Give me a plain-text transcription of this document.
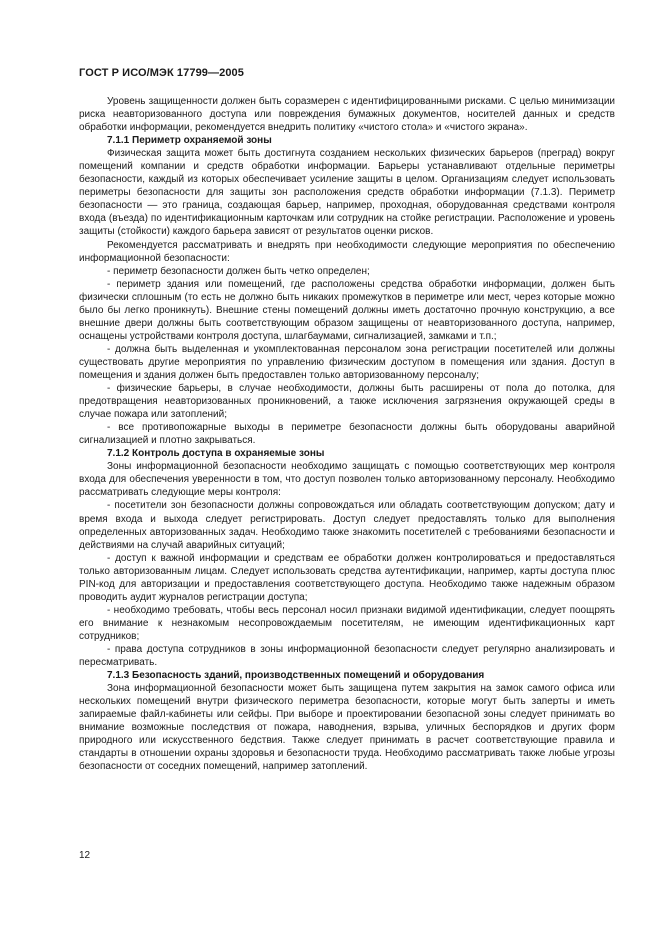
ГОСТ Р ИСО/МЭК 17799—2005

Уровень защищенности должен быть соразмерен с идентифицированными рисками. С целью минимизации риска неавторизованного доступа или повреждения бумажных документов, носителей данных и средств обработки информации, рекомендуется внедрить политику «чистого стола» и «чистого экрана».

7.1.1 Периметр охраняемой зоны

Физическая защита может быть достигнута созданием нескольких физических барьеров (преград) вокруг помещений компании и средств обработки информации. Барьеры устанавливают отдельные периметры безопасности, каждый из которых обеспечивает усиление защиты в целом. Организациям следует использовать периметры безопасности для защиты зон расположения средств обработки информации (7.1.3). Периметр безопасности — это граница, создающая барьер, например, проходная, оборудованная средствами контроля входа (въезда) по идентификационным карточкам или сотрудник на стойке регистрации. Расположение и уровень защиты (стойкости) каждого барьера зависят от результатов оценки рисков.

Рекомендуется рассматривать и внедрять при необходимости следующие мероприятия по обеспечению информационной безопасности:

- периметр безопасности должен быть четко определен;

- периметр здания или помещений, где расположены средства обработки информации, должен быть физически сплошным (то есть не должно быть никаких промежутков в периметре или мест, через которые можно было бы легко проникнуть). Внешние стены помещений должны иметь достаточно прочную конструкцию, а все внешние двери должны быть соответствующим образом защищены от неавторизованного доступа, например, оснащены устройствами контроля доступа, шлагбаумами, сигнализацией, замками и т.п.;

- должна быть выделенная и укомплектованная персоналом зона регистрации посетителей или должны существовать другие мероприятия по управлению физическим доступом в помещения или здания. Доступ в помещения и здания должен быть предоставлен только авторизованному персоналу;

- физические барьеры, в случае необходимости, должны быть расширены от пола до потолка, для предотвращения неавторизованных проникновений, а также исключения загрязнения окружающей среды в случае пожара или затоплений;

- все противопожарные выходы в периметре безопасности должны быть оборудованы аварийной сигнализацией и плотно закрываться.

7.1.2 Контроль доступа в охраняемые зоны

Зоны информационной безопасности необходимо защищать с помощью соответствующих мер контроля входа для обеспечения уверенности в том, что доступ позволен только авторизованному персоналу. Необходимо рассматривать следующие меры контроля:

- посетители зон безопасности должны сопровождаться или обладать соответствующим допуском; дату и время входа и выхода следует регистрировать. Доступ следует предоставлять только для выполнения определенных авторизованных задач. Необходимо также знакомить посетителей с требованиями безопасности и действиями на случай аварийных ситуаций;

- доступ к важной информации и средствам ее обработки должен контролироваться и предоставляться только авторизованным лицам. Следует использовать средства аутентификации, например, карты доступа плюс PIN-код для авторизации и предоставления соответствующего доступа. Необходимо также надежным образом проводить аудит журналов регистрации доступа;

- необходимо требовать, чтобы весь персонал носил признаки видимой идентификации, следует поощрять его внимание к незнакомым несопровождаемым посетителям, не имеющим идентификационных карт сотрудников;

- права доступа сотрудников в зоны информационной безопасности следует регулярно анализировать и пересматривать.

7.1.3 Безопасность зданий, производственных помещений и оборудования

Зона информационной безопасности может быть защищена путем закрытия на замок самого офиса или нескольких помещений внутри физического периметра безопасности, которые могут быть заперты и иметь запираемые файл-кабинеты или сейфы. При выборе и проектировании безопасной зоны следует принимать во внимание возможные последствия от пожара, наводнения, взрыва, уличных беспорядков и других форм природного или искусственного бедствия. Также следует принимать в расчет соответствующие правила и стандарты в отношении охраны здоровья и безопасности труда. Необходимо рассматривать также любые угрозы безопасности от соседних помещений, например затоплений.

12
